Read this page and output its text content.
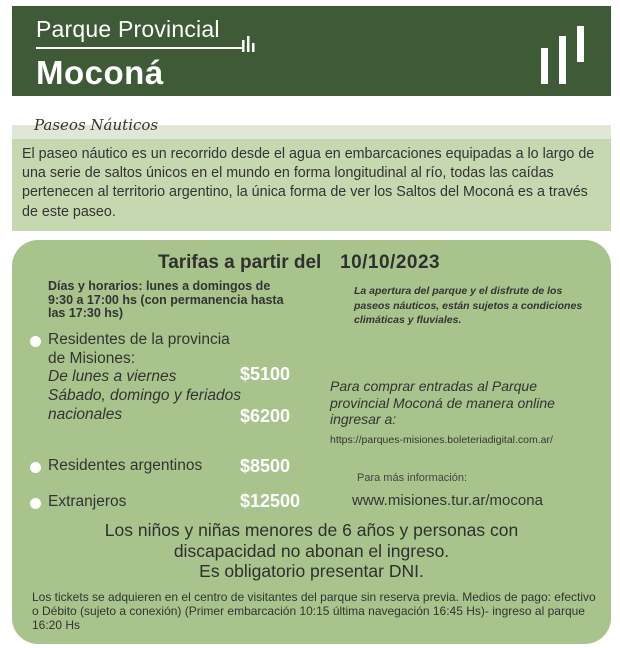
Parque Provincial
Moconá
Paseos Náuticos
El paseo náutico es un recorrido desde el agua en embarcaciones equipadas a lo largo de una serie de saltos únicos en el mundo en forma longitudinal al río, todas las caídas pertenecen al territorio argentino, la única forma de ver los Saltos del Moconá es a través de este paseo.
Tarifas a partir del 10/10/2023
Días y horarios: lunes a domingos de 9:30 a 17:00 hs (con permanencia hasta las 17:30 hs)
La apertura del parque y el disfrute de los paseos náuticos, están sujetos a condiciones climáticas y fluviales.
Residentes de la provincia
de Misiones:
De lunes a viernes	$5100
Sábado, domingo y feriados
nacionales	$6200
Para comprar entradas al Parque provincial Moconá de manera online ingresar a:
https://parques-misiones.boleteriadigital.com.ar/
Residentes argentinos $8500
Para más información:
Extranjeros	$12500	www.misiones.tur.ar/mocona
Los niños y niñas menores de 6 años y personas con
discapacidad no abonan el ingreso.
Es obligatorio presentar DNI.
Los tickets se adquieren en el centro de visitantes del parque sin reserva previa. Medios de pago: efectivo o Débito (sujeto a conexión) (Primer embarcación 10:15 última navegación 16:45 Hs)- ingreso al parque 16:20 Hs
